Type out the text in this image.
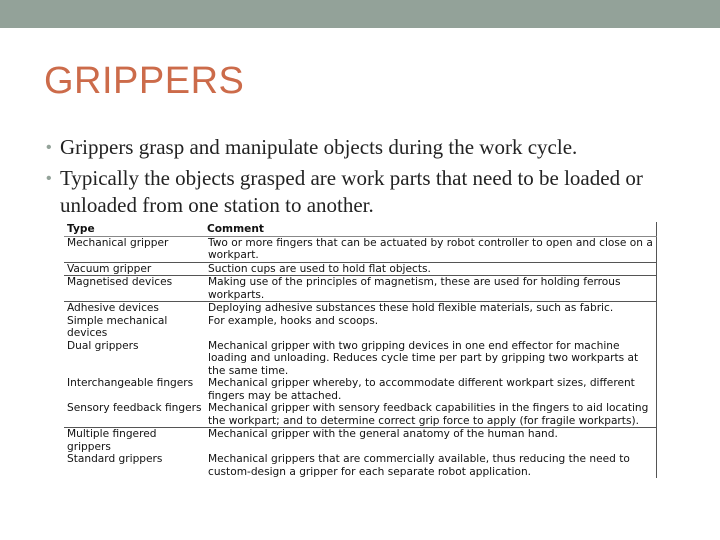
GRIPPERS
• Grippers grasp and manipulate objects during the work cycle.
• Typically the objects grasped are work parts that need to be loaded or unloaded from one station to another.
Type	Comment
Mechanical gripper	Two or more fingers that can be actuated by robot controller to open and close on a workpart.
Vacuum gripper	Suction cups are used to hold flat objects.
Magnetised devices	Making use of the principles of magnetism, these are used for holding ferrous workparts.
Adhesive devices	Deploying adhesive substances these hold flexible materials, such as fabric.
Simple mechanical devices	For example, hooks and scoops.
Dual grippers	Mechanical gripper with two gripping devices in one end effector for machine loading and unloading. Reduces cycle time per part by gripping two workparts at the same time.
Interchangeable fingers	Mechanical gripper whereby, to accommodate different workpart sizes, different fingers may be attached.
Sensory feedback fingers	Mechanical gripper with sensory feedback capabilities in the fingers to aid locating the workpart; and to determine correct grip force to apply (for fragile workparts).
Multiple fingered grippers	Mechanical gripper with the general anatomy of the human hand.
Standard grippers	Mechanical grippers that are commercially available, thus reducing the need to custom-design a gripper for each separate robot application.
